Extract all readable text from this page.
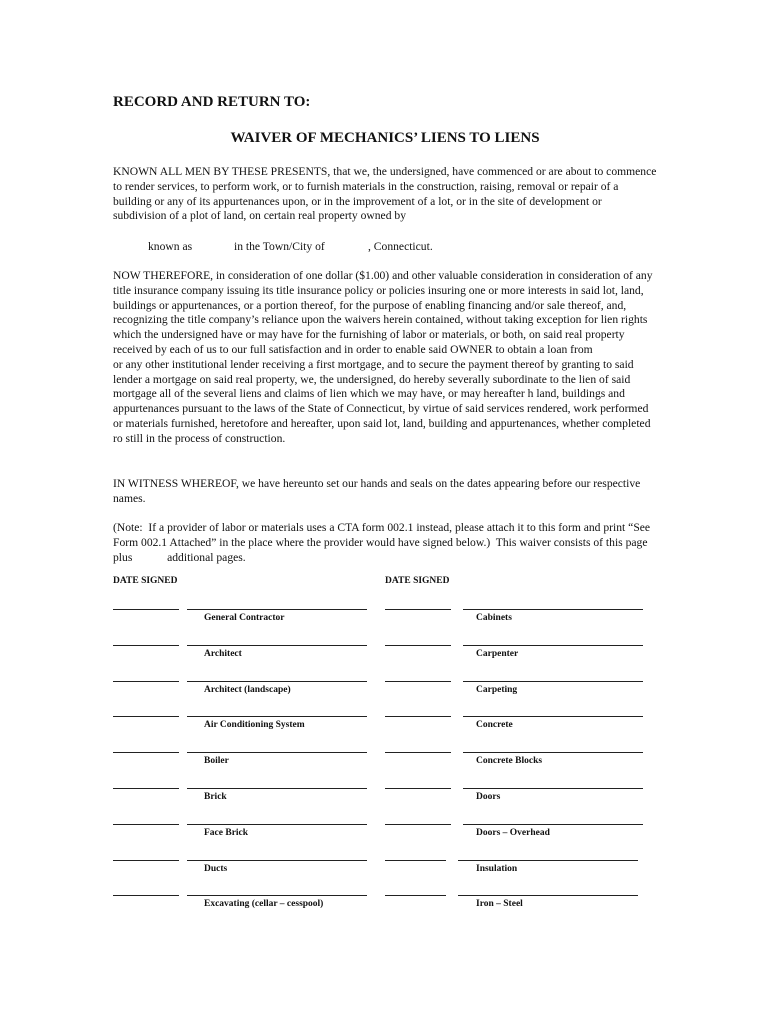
RECORD AND RETURN TO:
WAIVER OF MECHANICS’ LIENS TO LIENS
KNOWN ALL MEN BY THESE PRESENTS, that we, the undersigned, have commenced or are about to commence to render services, to perform work, or to furnish materials in the construction, raising, removal or repair of a building or any of its appurtenances upon, or in the improvement of a lot, or in the site of development or subdivision of a plot of land, on certain real property owned by
known as	in the Town/City of	, Connecticut.
NOW THEREFORE, in consideration of one dollar ($1.00) and other valuable consideration in consideration of any title insurance company issuing its title insurance policy or policies insuring one or more interests in said lot, land, buildings or appurtenances, or a portion thereof, for the purpose of enabling financing and/or sale thereof, and, recognizing the title company’s reliance upon the waivers herein contained, without taking exception for lien rights which the undersigned have or may have for the furnishing of labor or materials, or both, on said real property received by each of us to our full satisfaction and in order to enable said OWNER to obtain a loan from                    or any other institutional lender receiving a first mortgage, and to secure the payment thereof by granting to said lender a mortgage on said real property, we, the undersigned, do hereby severally subordinate to the lien of said mortgage all of the several liens and claims of lien which we may have, or may hereafter h land, buildings and appurtenances pursuant to the laws of the State of Connecticut, by virtue of said services rendered, work performed or materials furnished, heretofore and hereafter, upon said lot, land, building and appurtenances, whether completed ro still in the process of construction.
IN WITNESS WHEREOF, we have hereunto set our hands and seals on the dates appearing before our respective names.
(Note:  If a provider of labor or materials uses a CTA form 002.1 instead, please attach it to this form and print “See Form 002.1 Attached” in the place where the provider would have signed below.)  This waiver consists of this page plus            additional pages.
DATE SIGNED	DATE SIGNED
General Contractor	Cabinets
Architect	Carpenter
Architect (landscape)	Carpeting
Air Conditioning System	Concrete
Boiler	Concrete Blocks
Brick	Doors
Face Brick	Doors – Overhead
Ducts	Insulation
Excavating (cellar – cesspool)	Iron – Steel
